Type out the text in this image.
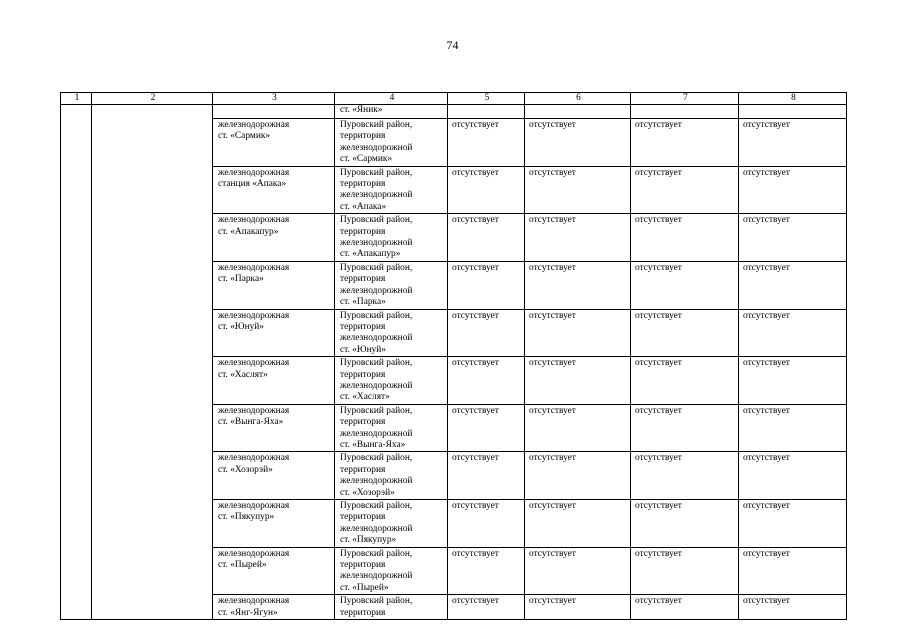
74
1	2	3	4	5	6	7	8

			ст. «Яник»				

		железнодорожная
ст. «Сармик»	Пуровский район,
территория
железнодорожной
ст. «Сармик»	отсутствует	отсутствует	отсутствует	отсутствует

		железнодорожная
станция «Апака»	Пуровский район,
территория
железнодорожной
ст. «Апака»	отсутствует	отсутствует	отсутствует	отсутствует

		железнодорожная
ст. «Апакапур»	Пуровский район,
территория
железнодорожной
ст. «Апакапур»	отсутствует	отсутствует	отсутствует	отсутствует

		железнодорожная
ст. «Парка»	Пуровский район,
территория
железнодорожной
ст. «Парка»	отсутствует	отсутствует	отсутствует	отсутствует

		железнодорожная
ст. «Юнуй»	Пуровский район,
территория
железнодорожной
ст. «Юнуй»	отсутствует	отсутствует	отсутствует	отсутствует

		железнодорожная
ст. «Хаслят»	Пуровский район,
территория
железнодорожной
ст. «Хаслят»	отсутствует	отсутствует	отсутствует	отсутствует

		железнодорожная
ст. «Вынга-Яха»	Пуровский район,
территория
железнодорожной
ст. «Вынга-Яха»	отсутствует	отсутствует	отсутствует	отсутствует

		железнодорожная
ст. «Хозорэй»	Пуровский район,
территория
железнодорожной
ст. «Хозорэй»	отсутствует	отсутствует	отсутствует	отсутствует

		железнодорожная
ст. «Пякупур»	Пуровский район,
территория
железнодорожной
ст. «Пякупур»	отсутствует	отсутствует	отсутствует	отсутствует

		железнодорожная
ст. «Пырей»	Пуровский район,
территория
железнодорожной
ст. «Пырей»	отсутствует	отсутствует	отсутствует	отсутствует

		железнодорожная
ст. «Янг-Ягун»	Пуровский район,
территория	отсутствует	отсутствует	отсутствует	отсутствует
